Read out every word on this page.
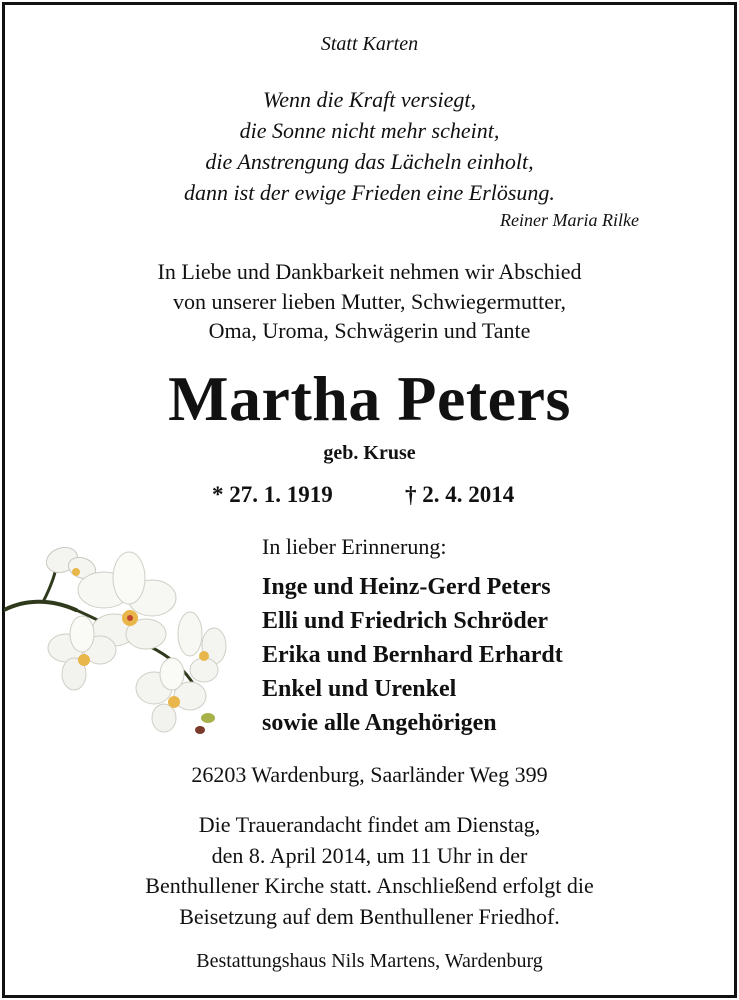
Statt Karten
Wenn die Kraft versiegt,
die Sonne nicht mehr scheint,
die Anstrengung das Lächeln einholt,
dann ist der ewige Frieden eine Erlösung.
Reiner Maria Rilke
In Liebe und Dankbarkeit nehmen wir Abschied
von unserer lieben Mutter, Schwiegermutter,
Oma, Uroma, Schwägerin und Tante
Martha Peters
geb. Kruse
* 27. 1. 1919	† 2. 4. 2014
In lieber Erinnerung:
Inge und Heinz-Gerd Peters
Elli und Friedrich Schröder
Erika und Bernhard Erhardt
Enkel und Urenkel
sowie alle Angehörigen
26203 Wardenburg, Saarländer Weg 399
Die Trauerandacht findet am Dienstag,
den 8. April 2014, um 11 Uhr in der
Benthullener Kirche statt. Anschließend erfolgt die
Beisetzung auf dem Benthullener Friedhof.
Bestattungshaus Nils Martens, Wardenburg
